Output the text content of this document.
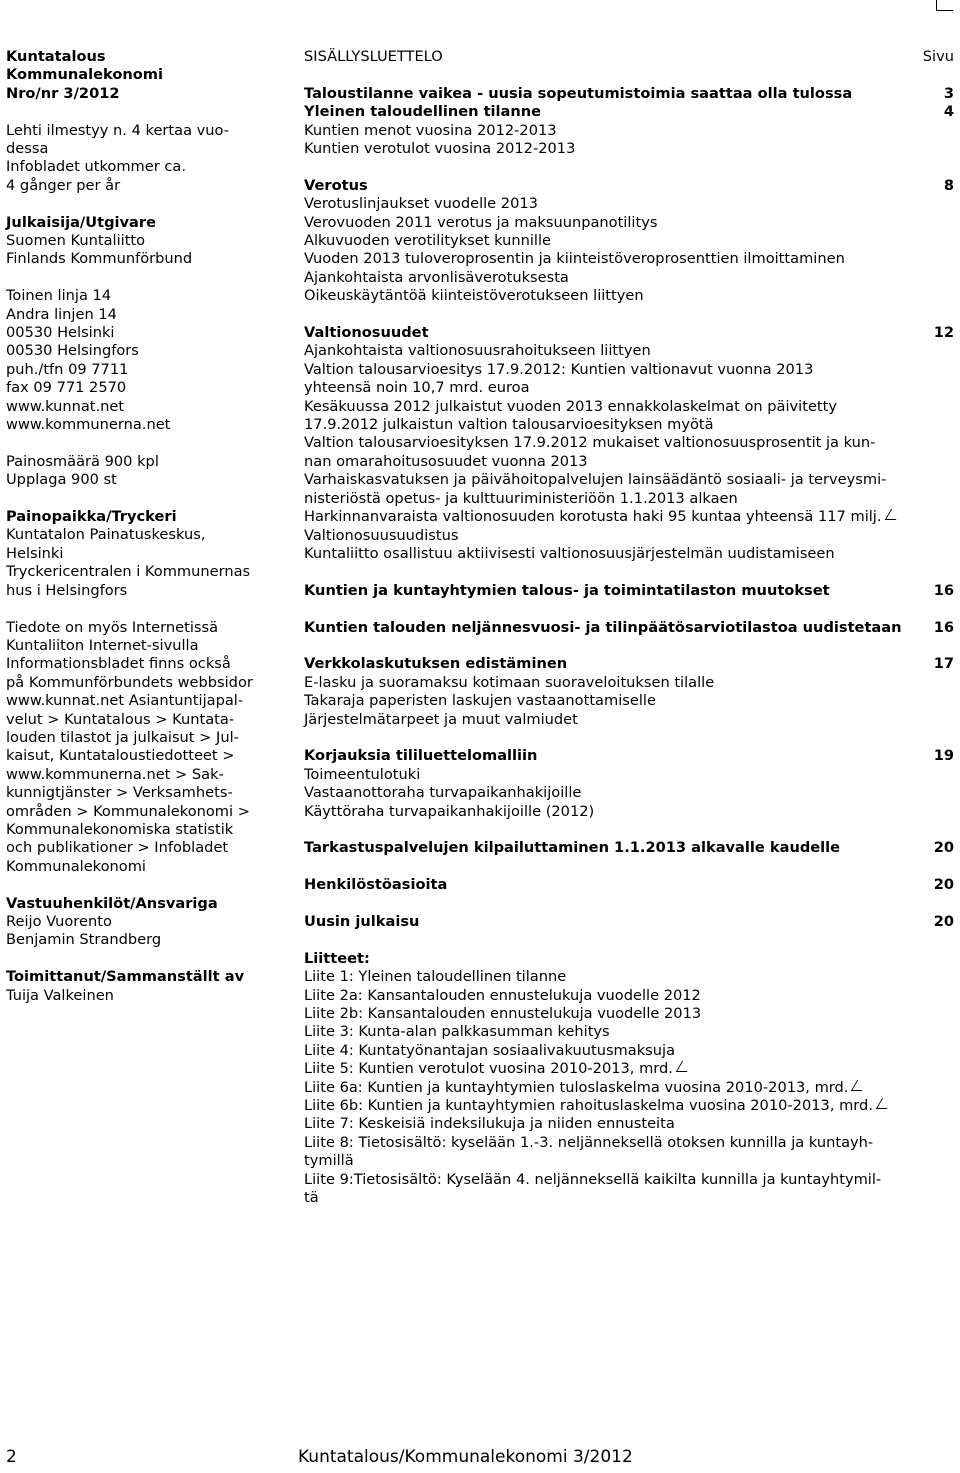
Kuntatalous

Kommunalekonomi

Nro/nr 3/2012

Lehti ilmestyy n. 4 kertaa vuo-

dessa

Infobladet utkommer ca.

4 gånger per år

Julkaisija/Utgivare

Suomen Kuntaliitto

Finlands Kommunförbund

Toinen linja 14

Andra linjen 14

00530 Helsinki

00530 Helsingfors

puh./tfn 09 7711

fax 09 771 2570

www.kunnat.net

www.kommunerna.net

Painosmäärä 900 kpl

Upplaga 900 st

Painopaikka/Tryckeri

Kuntatalon Painatuskeskus,

Helsinki

Tryckericentralen i Kommunernas

hus i Helsingfors

Tiedote on myös Internetissä

Kuntaliiton Internet-sivulla

Informationsbladet finns också

på Kommunförbundets webbsidor

www.kunnat.net Asiantuntijapal-

velut > Kuntatalous > Kuntata-

louden tilastot ja julkaisut > Jul-

kaisut, Kuntataloustiedotteet >

www.kommunerna.net > Sak-

kunnigtjänster > Verksamhets-

områden > Kommunalekonomi >

Kommunalekonomiska statistik

och publikationer > Infobladet

Kommunalekonomi

Vastuuhenkilöt/Ansvariga

Reijo Vuorento

Benjamin Strandberg

Toimittanut/Sammanställt av

Tuija Valkeinen

SISÄLLYSLUETTELO	Sivu
Taloustilanne vaikea - uusia sopeutumistoimia saattaa olla tulossa	3
Yleinen taloudellinen tilanne	4
Kuntien menot vuosina 2012-2013
Kuntien verotulot vuosina 2012-2013
Verotus	8
Verotuslinjaukset vuodelle 2013
Verovuoden 2011 verotus ja maksuunpanotilitys
Alkuvuoden verotilitykset kunnille
Vuoden 2013 tuloveroprosentin ja kiinteistöveroprosenttien ilmoittaminen
Ajankohtaista arvonlisäverotuksesta
Oikeuskäytäntöä kiinteistöverotukseen liittyen
Valtionosuudet	12
Ajankohtaista valtionosuusrahoitukseen liittyen
Valtion talousarvioesitys 17.9.2012: Kuntien valtionavut vuonna 2013
yhteensä noin 10,7 mrd. euroa
Kesäkuussa 2012 julkaistut vuoden 2013 ennakkolaskelmat on päivitetty
17.9.2012 julkaistun valtion talousarvioesityksen myötä
Valtion talousarvioesityksen 17.9.2012 mukaiset valtionosuusprosentit ja kun-
nan omarahoitusosuudet vuonna 2013
Varhaiskasvatuksen ja päivähoitopalvelujen lainsäädäntö sosiaali- ja terveysmi-
nisteriöstä opetus- ja kulttuuriministeriöön 1.1.2013 alkaen
Harkinnanvaraista valtionosuuden korotusta haki 95 kuntaa yhteensä 117 milj.
Valtionosuusuudistus
Kuntaliitto osallistuu aktiivisesti valtionosuusjärjestelmän uudistamiseen
Kuntien ja kuntayhtymien talous- ja toimintatilaston muutokset	16
Kuntien talouden neljännesvuosi- ja tilinpäätösarviotilastoa uudistetaan 16
Verkkolaskutuksen edistäminen	17
E-lasku ja suoramaksu kotimaan suoraveloituksen tilalle
Takaraja paperisten laskujen vastaanottamiselle
Järjestelmätarpeet ja muut valmiudet
Korjauksia tililuettelomalliin	19
Toimeentulotuki
Vastaanottoraha turvapaikanhakijoille
Käyttöraha turvapaikanhakijoille (2012)
Tarkastuspalvelujen kilpailuttaminen 1.1.2013 alkavalle kaudelle	20
Henkilöstöasioita	20
Uusin julkaisu	20
Liitteet:
Liite 1: Yleinen taloudellinen tilanne
Liite 2a: Kansantalouden ennustelukuja vuodelle 2012
Liite 2b: Kansantalouden ennustelukuja vuodelle 2013
Liite 3: Kunta-alan palkkasumman kehitys
Liite 4: Kuntatyönantajan sosiaalivakuutusmaksuja
Liite 5: Kuntien verotulot vuosina 2010-2013, mrd.
Liite 6a: Kuntien ja kuntayhtymien tuloslaskelma vuosina 2010-2013, mrd.
Liite 6b: Kuntien ja kuntayhtymien rahoituslaskelma vuosina 2010-2013, mrd.
Liite 7: Keskeisiä indeksilukuja ja niiden ennusteita
Liite 8: Tietosisältö: kyselään 1.-3. neljänneksellä otoksen kunnilla ja kuntayh-
tymillä
Liite 9:Tietosisältö: Kyselään 4. neljänneksellä kaikilta kunnilla ja kuntayhtymil-
tä
2	Kuntatalous/Kommunalekonomi 3/2012
